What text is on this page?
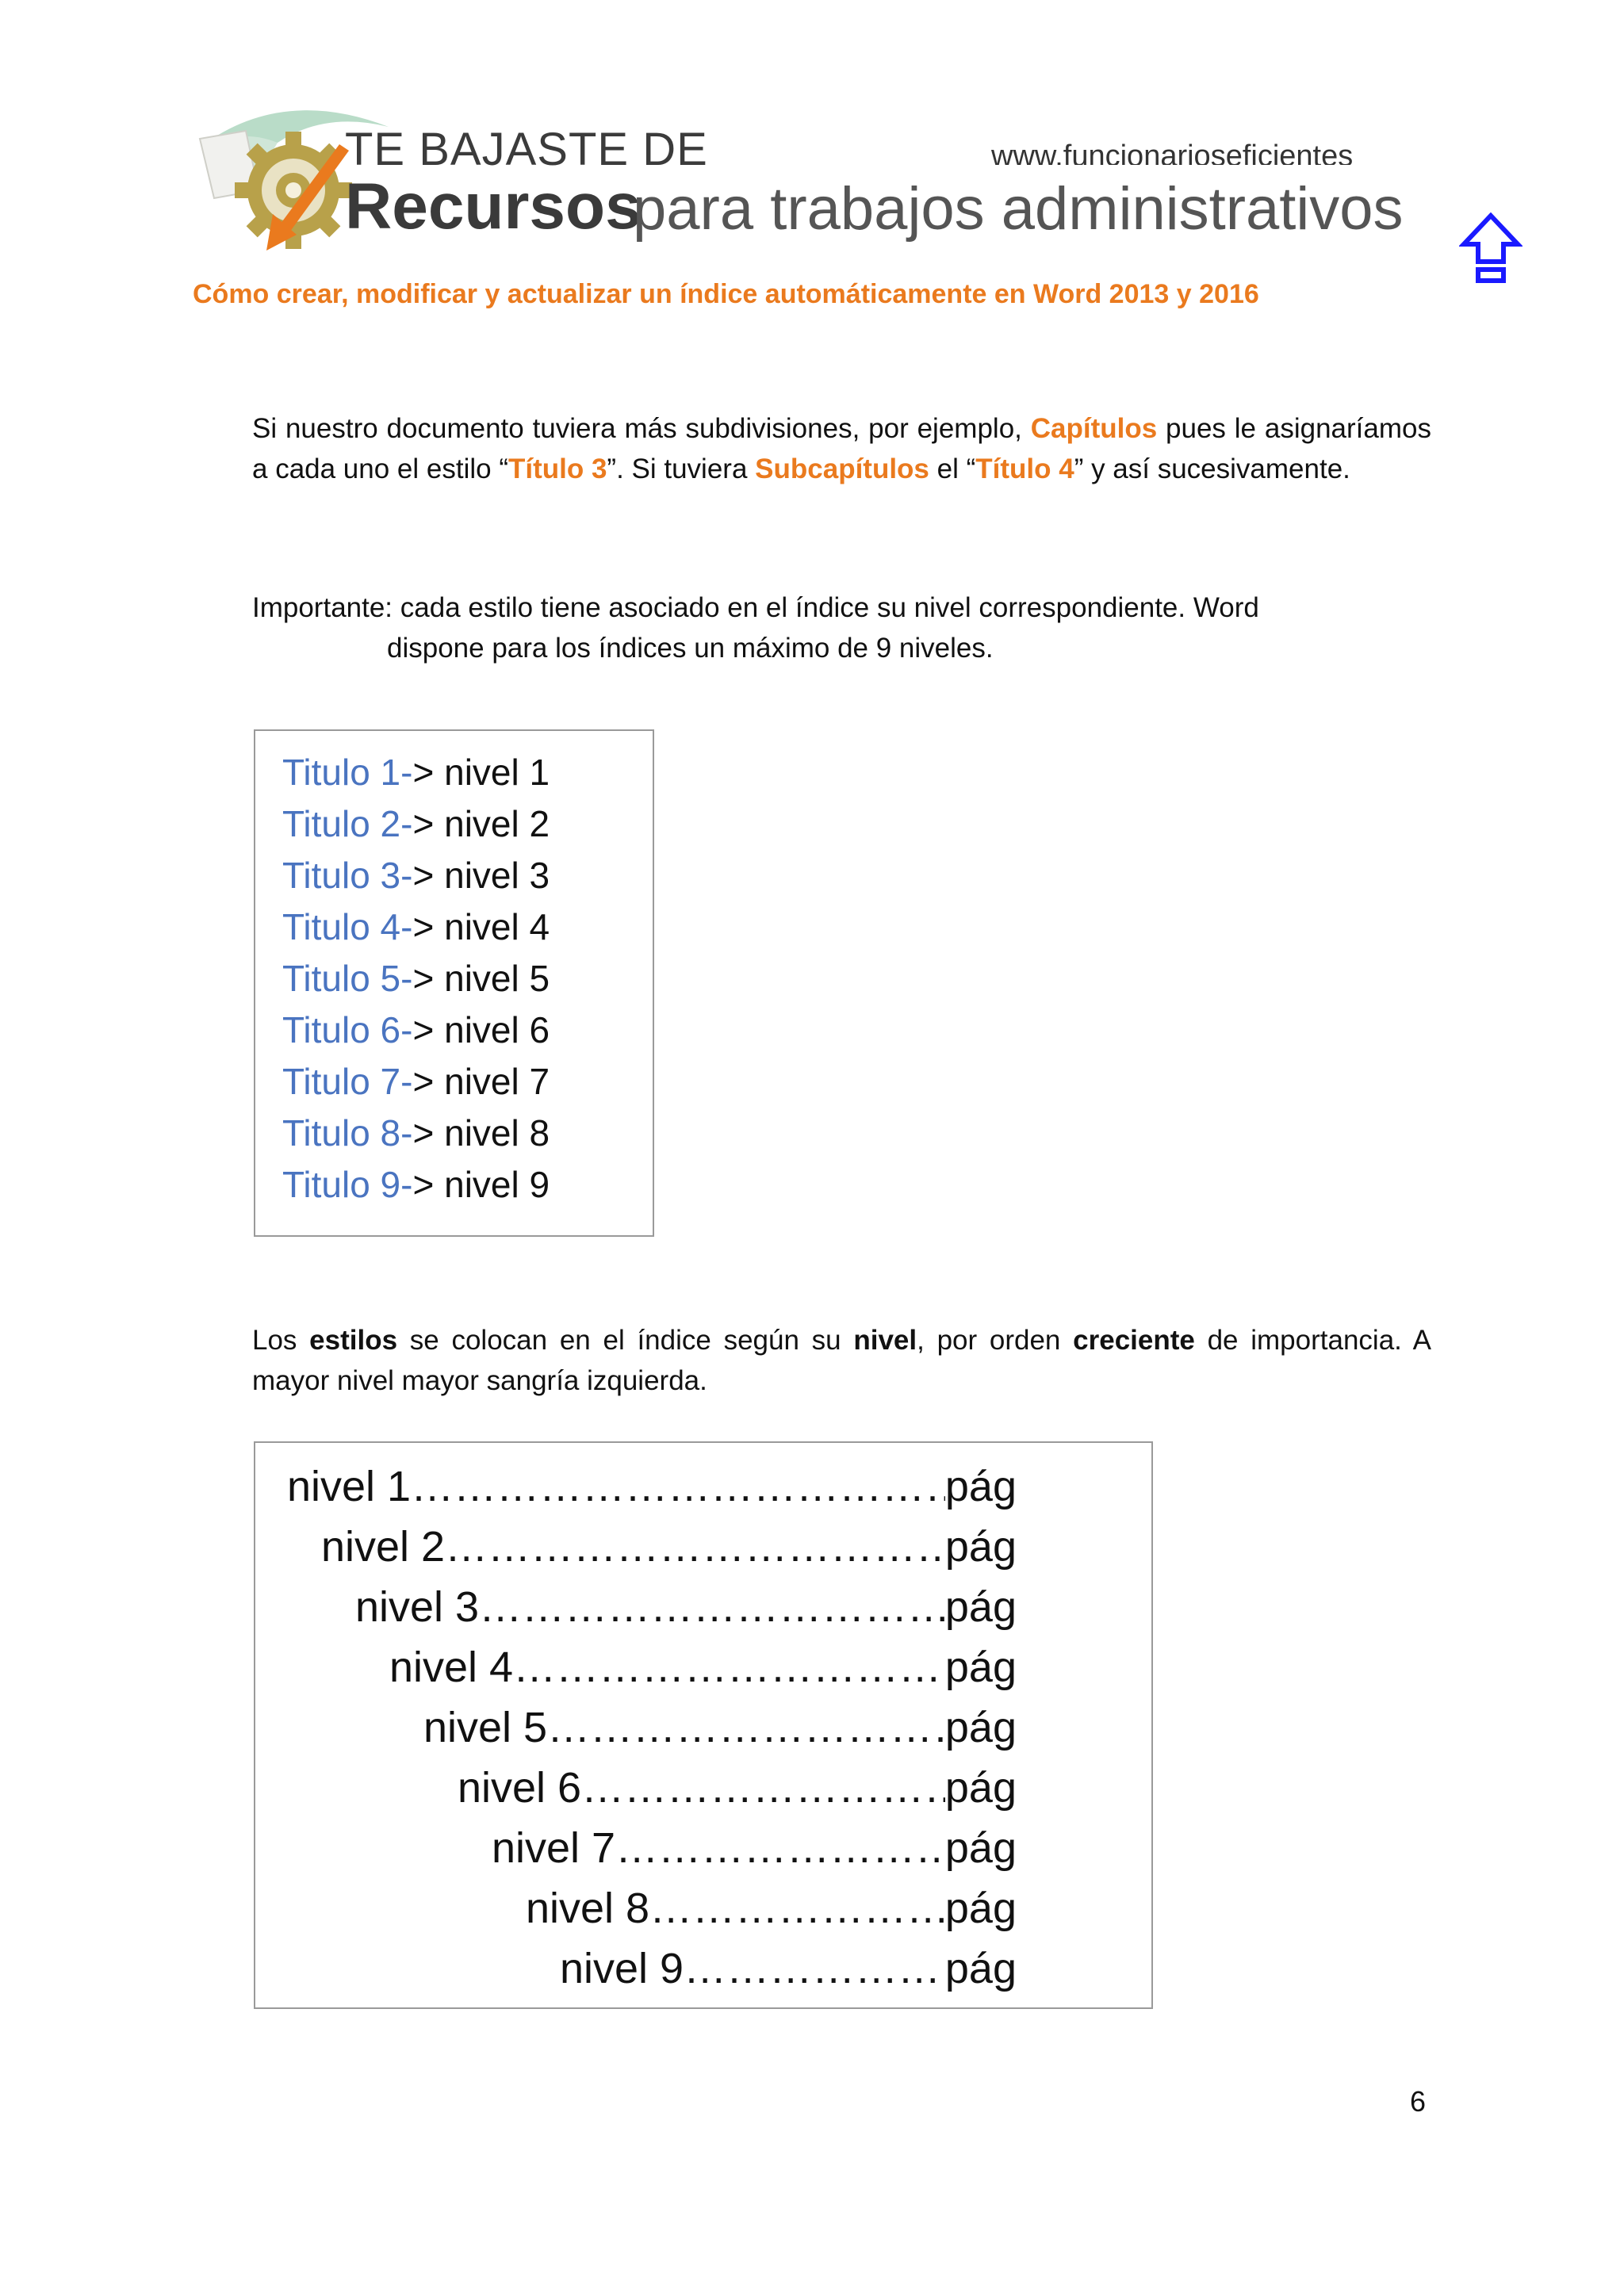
TE BAJASTE DE
Recursos
para trabajos administrativos
www.funcionarioseficientes
Cómo crear, modificar y actualizar un índice automáticamente en Word 2013 y 2016
Si nuestro documento tuviera más subdivisiones, por ejemplo, Capítulos pues le asignaríamos a cada uno el estilo “Título 3”. Si tuviera Subcapítulos el “Título 4” y así sucesivamente.
Importante: cada estilo tiene asociado en el índice su nivel correspondiente. Word
dispone para los índices un máximo de 9 niveles.
Titulo 1-> nivel 1
Titulo 2-> nivel 2
Titulo 3-> nivel 3
Titulo 4-> nivel 4
Titulo 5-> nivel 5
Titulo 6-> nivel 6
Titulo 7-> nivel 7
Titulo 8-> nivel 8
Titulo 9-> nivel 9
Los estilos se colocan en el índice según su nivel, por orden creciente de importancia. A mayor nivel mayor sangría izquierda.
nivel 1 ………………………………………………………………………………………………………………	pág
nivel 2 ………………………………………………………………………………………………………………	pág
nivel 3 ………………………………………………………………………………………………………………	pág
nivel 4 ………………………………………………………………………………………………………………	pág
nivel 5 ………………………………………………………………………………………………………………	pág
nivel 6 ………………………………………………………………………………………………………………	pág
nivel 7 ………………………………………………………………………………………………………………	pág
nivel 8 ………………………………………………………………………………………………………………	pág
nivel 9 ………………………………………………………………………………………………………………	pág
6
